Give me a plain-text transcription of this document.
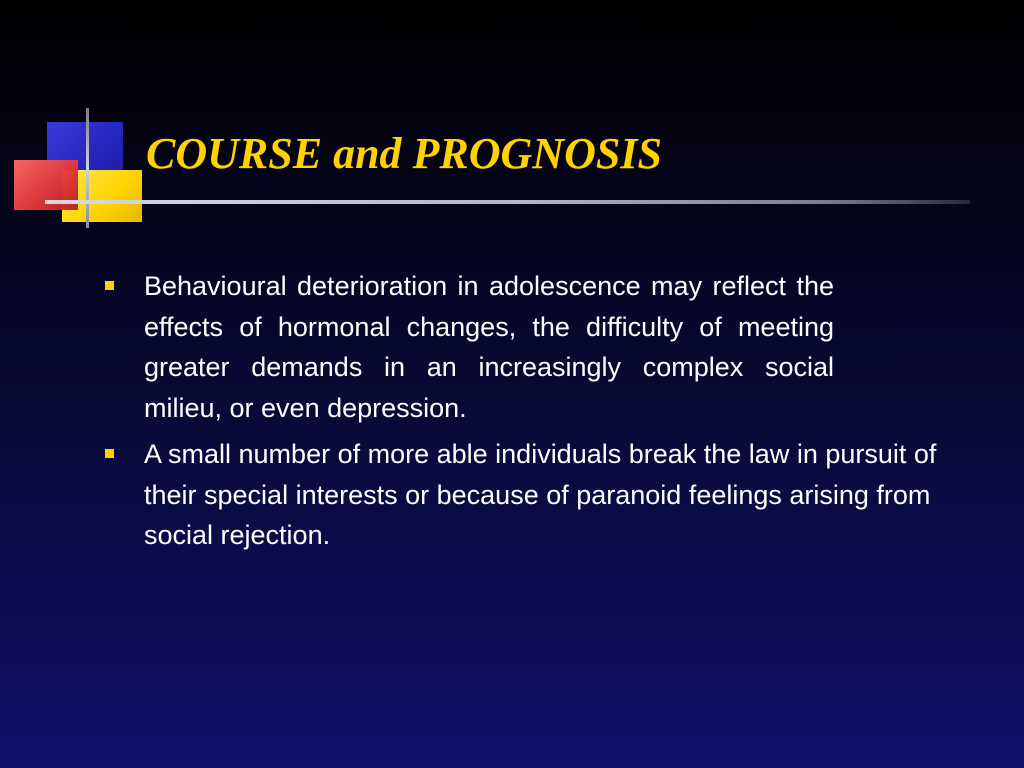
COURSE and PROGNOSIS
Behavioural deterioration in adolescence may reflect the effects of hormonal changes, the difficulty of meeting greater demands in an increasingly complex social milieu, or even depression.
A small number of more able individuals break the law in pursuit of their special interests or because of paranoid feelings arising from social rejection.
